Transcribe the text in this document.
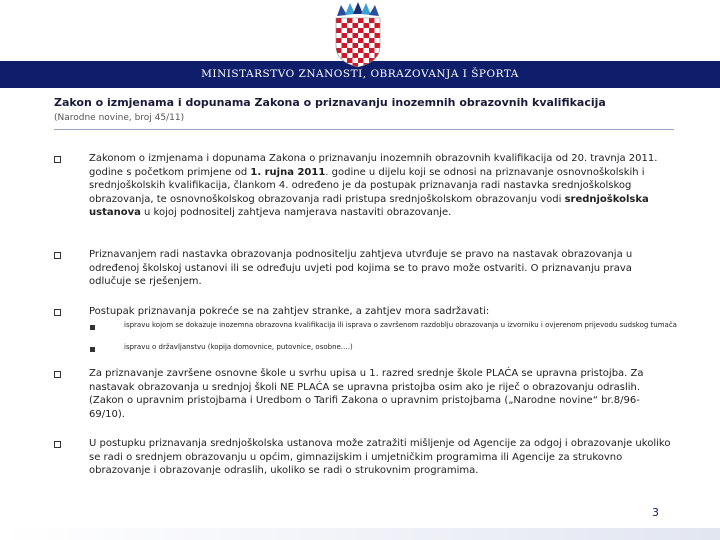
MINISTARSTVO ZNANOSTI, OBRAZOVANJA I ŠPORTA
Zakon o izmjenama i dopunama Zakona o priznavanju inozemnih obrazovnih kvalifikacija
(Narodne novine, broj 45/11)
Zakonom o izmjenama i dopunama Zakona o priznavanju inozemnih obrazovnih kvalifikacija od 20. travnja 2011. godine s početkom primjene od 1. rujna 2011. godine u dijelu koji se odnosi na priznavanje osnovnoškolskih i srednjoškolskih kvalifikacija, člankom 4. određeno je da postupak priznavanja radi nastavka srednjoškolskog obrazovanja, te osnovnoškolskog obrazovanja radi pristupa srednjoškolskom obrazovanju vodi srednjoškolska ustanova u kojoj podnositelj zahtjeva namjerava nastaviti obrazovanje.
Priznavanjem radi nastavka obrazovanja podnositelju zahtjeva utvrđuje se pravo na nastavak obrazovanja u određenoj školskoj ustanovi ili se određuju uvjeti pod kojima se to pravo može ostvariti. O priznavanju prava odlučuje se rješenjem.
Postupak priznavanja pokreće se na zahtjev stranke, a zahtjev mora sadržavati:
ispravu kojom se dokazuje inozemna obrazovna kvalifikacija ili isprava o završenom razdoblju obrazovanja u izvorniku i ovjerenom prijevodu sudskog tumača
ispravu o državljanstvu (kopija domovnice, putovnice, osobne….)
Za priznavanje završene osnovne škole u svrhu upisa u 1. razred srednje škole PLAĆA se upravna pristojba. Za nastavak obrazovanja u srednjoj školi NE PLAĆA se upravna pristojba osim ako je riječ o obrazovanju odraslih. (Zakon o upravnim pristojbama i Uredbom o Tarifi Zakona o upravnim pristojbama („Narodne novine“ br.8/96-69/10).
U postupku priznavanja srednjoškolska ustanova može zatražiti mišljenje od Agencije za odgoj i obrazovanje ukoliko se radi o srednjem obrazovanju u općim, gimnazijskim i umjetničkim programima ili Agencije za strukovno obrazovanje i obrazovanje odraslih, ukoliko se radi o strukovnim programima.
3
